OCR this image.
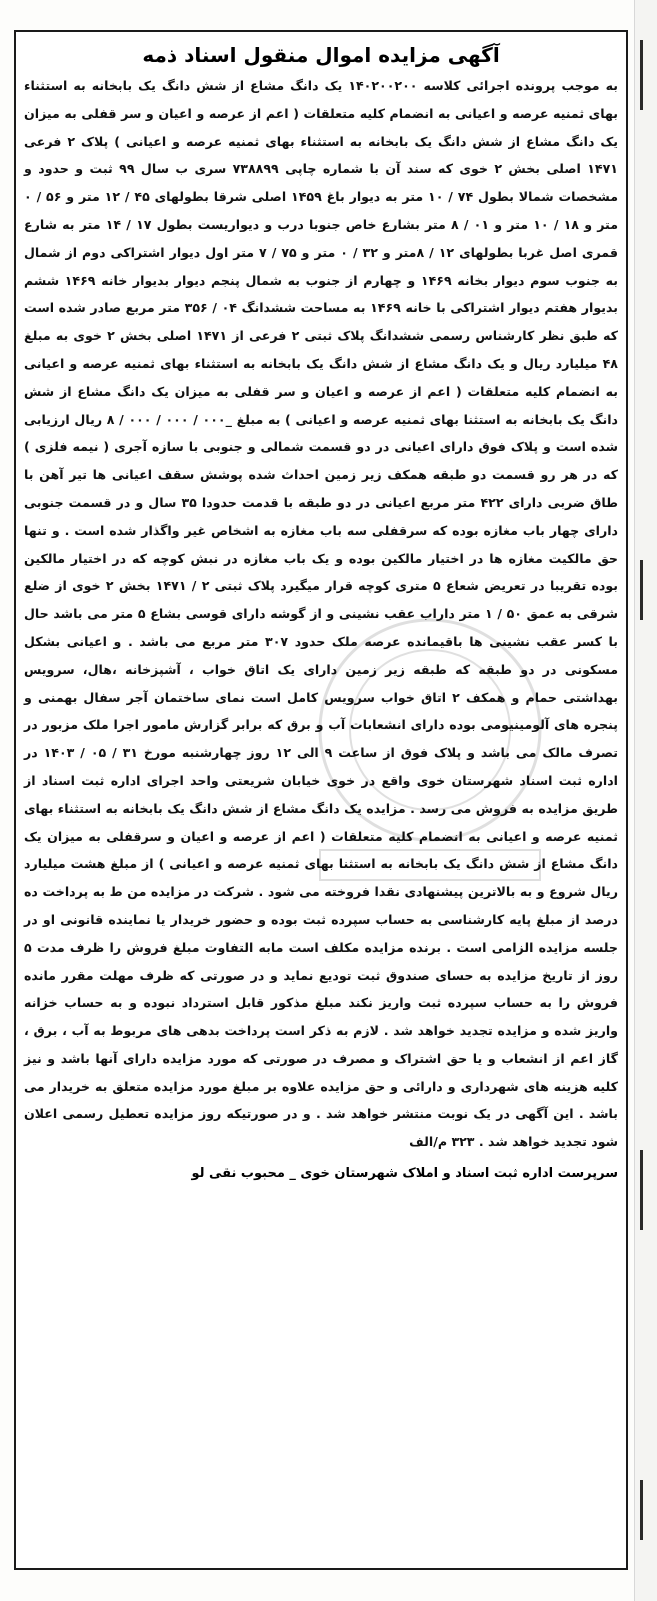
آگهی مزایده اموال منقول اسناد ذمه

به موجب پرونده اجرائی کلاسه ۱۴۰۲۰۰۲۰۰ یک دانگ مشاع از شش دانگ یک بابخانه به استثناء بهای ثمنیه عرصه و اعیانی به انضمام کلیه متعلقات ( اعم از عرصه و اعیان و سر قفلی به میزان یک دانگ مشاع از شش دانگ یک بابخانه به استثناء بهای ثمنیه عرصه و اعیانی ) پلاک ۲ فرعی ۱۴۷۱ اصلی بخش ۲ خوی که سند آن با شماره چاپی ۷۳۸۸۹۹ سری ب سال ۹۹ ثبت و حدود و مشخصات شمالا بطول ۷۴ / ۱۰ متر به دیوار باغ ۱۴۵۹ اصلی شرقا بطولهای ۴۵ / ۱۲ متر و ۵۶ / ۰ متر و ۱۸ / ۱۰ متر و ۰۱ / ۸ متر بشارع خاص جنوبا درب و دیواریست بطول ۱۷ / ۱۴ متر به شارع قمری اصل غربا بطولهای ۱۲ / ۸متر و ۳۲ / ۰ متر و ۷۵ / ۷ متر اول دیوار اشتراکی دوم از شمال به جنوب سوم دیوار بخانه ۱۴۶۹ و چهارم از جنوب به شمال پنجم دیوار بدیوار خانه ۱۴۶۹ ششم بدیوار هفتم دیوار اشتراکی با خانه ۱۴۶۹ به مساحت ششدانگ ۰۴ / ۳۵۶ متر مربع صادر شده است که طبق نظر کارشناس رسمی ششدانگ پلاک ثبتی ۲ فرعی از ۱۴۷۱ اصلی بخش ۲ خوی به مبلغ ۴۸ میلیارد ریال و یک دانگ مشاع از شش دانگ یک بابخانه به استثناء بهای ثمنیه عرصه و اعیانی به انضمام کلیه متعلقات ( اعم از عرصه و اعیان و سر قفلی به میزان یک دانگ مشاع از شش دانگ یک بابخانه به استثنا بهای ثمنیه عرصه و اعیانی ) به مبلغ _۰۰۰ / ۰۰۰ / ۰۰۰ / ۸ ریال ارزیابی شده است و پلاک فوق دارای اعیانی در دو قسمت شمالی و جنوبی با سازه آجری ( نیمه فلزی ) که در هر رو قسمت دو طبقه همکف زیر زمین احداث شده پوشش سقف اعیانی ها تیر آهن با طاق ضربی دارای ۴۲۲ متر مربع اعیانی در دو طبقه با قدمت حدودا ۳۵ سال و در قسمت جنوبی دارای چهار باب مغازه بوده که سرقفلی سه باب مغازه به اشخاص غیر واگذار شده است . و تنها حق مالکیت مغازه ها در اختیار مالکین بوده و یک باب مغازه در نبش کوچه که در اختیار مالکین بوده تقریبا در تعریض شعاع ۵ متری کوچه قرار میگیرد پلاک ثبتی ۲ / ۱۴۷۱ بخش ۲ خوی از ضلع شرقی به عمق ۵۰ / ۱ متر داراب عقب نشینی و از گوشه دارای قوسی بشاع ۵ متر می باشد حال با کسر عقب نشینی ها باقیمانده عرصه ملک حدود ۳۰۷ متر مربع می باشد . و اعیانی بشکل مسکونی در دو طبقه که طبقه زیر زمین دارای یک اتاق خواب ، آشپزخانه ،هال، سرویس بهداشتی حمام و همکف ۲ اتاق خواب سرویس کامل است نمای ساختمان آجر سفال بهمنی و پنجره های آلومینیومی بوده دارای انشعابات آب و برق که برابر گزارش مامور اجرا ملک مزبور در تصرف مالک می باشد و پلاک فوق از ساعت ۹ الی ۱۲ روز چهارشنبه مورخ ۳۱ / ۰۵ / ۱۴۰۳ در اداره ثبت اسناد شهرستان خوی واقع در خوی خیابان شریعتی واحد اجرای اداره ثبت اسناد از طریق مزایده به فروش می رسد . مزایده یک دانگ مشاع از شش دانگ یک بابخانه به استثناء بهای ثمنیه عرصه و اعیانی به انضمام کلیه متعلقات ( اعم از عرصه و اعیان و سرقفلی به میزان یک دانگ مشاع از شش دانگ یک بابخانه به استثنا بهای ثمنیه عرصه و اعیانی ) از مبلغ هشت میلیارد ریال شروع و به بالاترین پیشنهادی نقدا فروخته می شود . شرکت در مزایده من ط به پرداخت ده درصد از مبلغ پایه کارشناسی به حساب سپرده ثبت بوده و حضور خریدار یا نماینده قانونی او در جلسه مزایده الزامی است . برنده مزایده مکلف است مابه التفاوت مبلغ فروش را ظرف مدت ۵ روز از تاریخ مزایده به حسای صندوق ثبت تودیع نماید و در صورتی که ظرف مهلت مقرر مانده فروش را به حساب سپرده ثبت واریز نکند مبلغ مذکور قابل استرداد نبوده و به حساب خزانه واریز شده و مزایده تجدید خواهد شد . لازم به ذکر است پرداخت بدهی های مربوط به آب ، برق ، گاز اعم از انشعاب و یا حق اشتراک و مصرف در صورتی که مورد مزایده دارای آنها باشد و نیز کلیه هزینه های شهرداری و دارائی و حق مزایده علاوه بر مبلغ مورد مزایده متعلق به خریدار می باشد . این آگهی در یک نوبت منتشر خواهد شد . و در صورتیکه روز مزایده تعطیل رسمی اعلان شود تجدید خواهد شد . ۳۲۳ م/الف

سرپرست اداره ثبت اسناد و املاک شهرستان خوی _ محبوب نقی لو
